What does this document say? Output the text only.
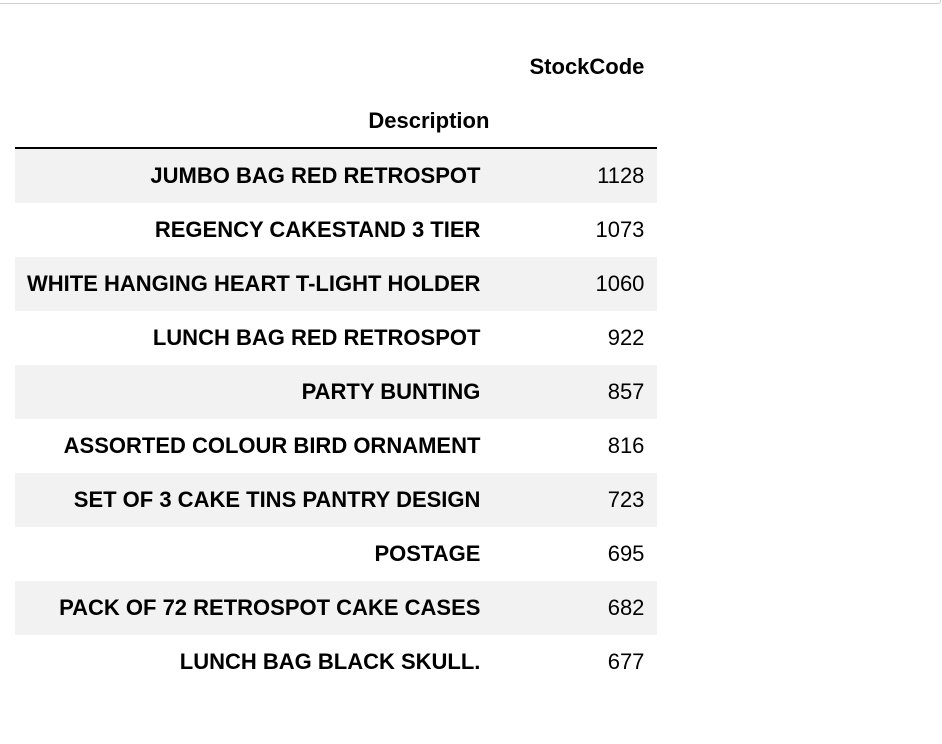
	StockCode
Description	
JUMBO BAG RED RETROSPOT	1128
REGENCY CAKESTAND 3 TIER	1073
WHITE HANGING HEART T-LIGHT HOLDER	1060
LUNCH BAG RED RETROSPOT	922
PARTY BUNTING	857
ASSORTED COLOUR BIRD ORNAMENT	816
SET OF 3 CAKE TINS PANTRY DESIGN	723
POSTAGE	695
PACK OF 72 RETROSPOT CAKE CASES	682
LUNCH BAG BLACK SKULL.	677
